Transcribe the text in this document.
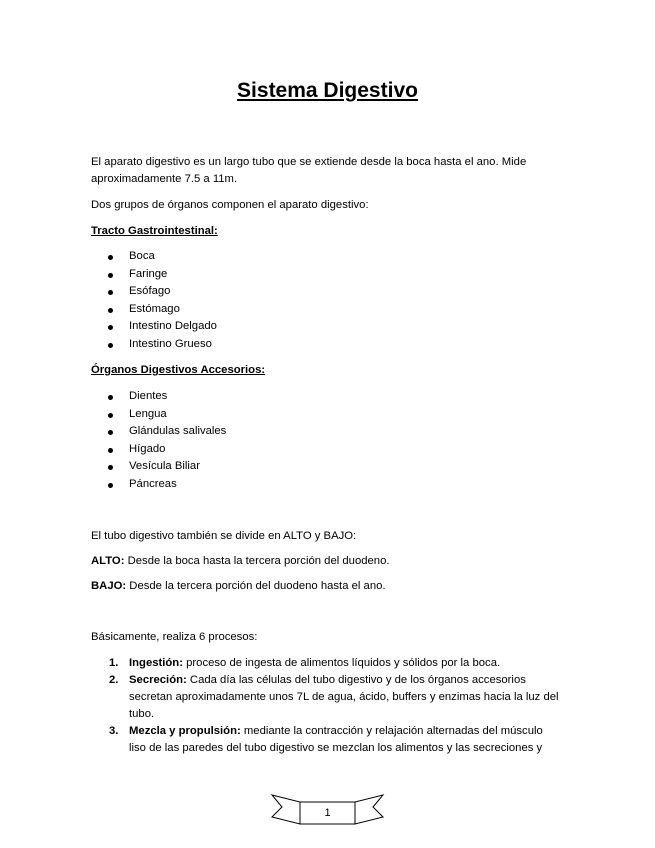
Sistema Digestivo

El aparato digestivo es un largo tubo que se extiende desde la boca hasta el ano. Mide aproximadamente 7.5 a 11m.

Dos grupos de órganos componen el aparato digestivo:

Tracto Gastrointestinal:

Boca
Faringe
Esófago
Estómago
Intestino Delgado
Intestino Grueso

Órganos Digestivos Accesorios:

Dientes
Lengua
Glándulas salivales
Hígado
Vesícula Biliar
Páncreas

El tubo digestivo también se divide en ALTO y BAJO:

ALTO: Desde la boca hasta la tercera porción del duodeno.

BAJO: Desde la tercera porción del duodeno hasta el ano.

Básicamente, realiza 6 procesos:

1. Ingestión: proceso de ingesta de alimentos líquidos y sólidos por la boca.
2. Secreción: Cada día las células del tubo digestivo y de los órganos accesorios secretan aproximadamente unos 7L de agua, ácido, buffers y enzimas hacia la luz del tubo.
3. Mezcla y propulsión: mediante la contracción y relajación alternadas del músculo liso de las paredes del tubo digestivo se mezclan los alimentos y las secreciones y
1
